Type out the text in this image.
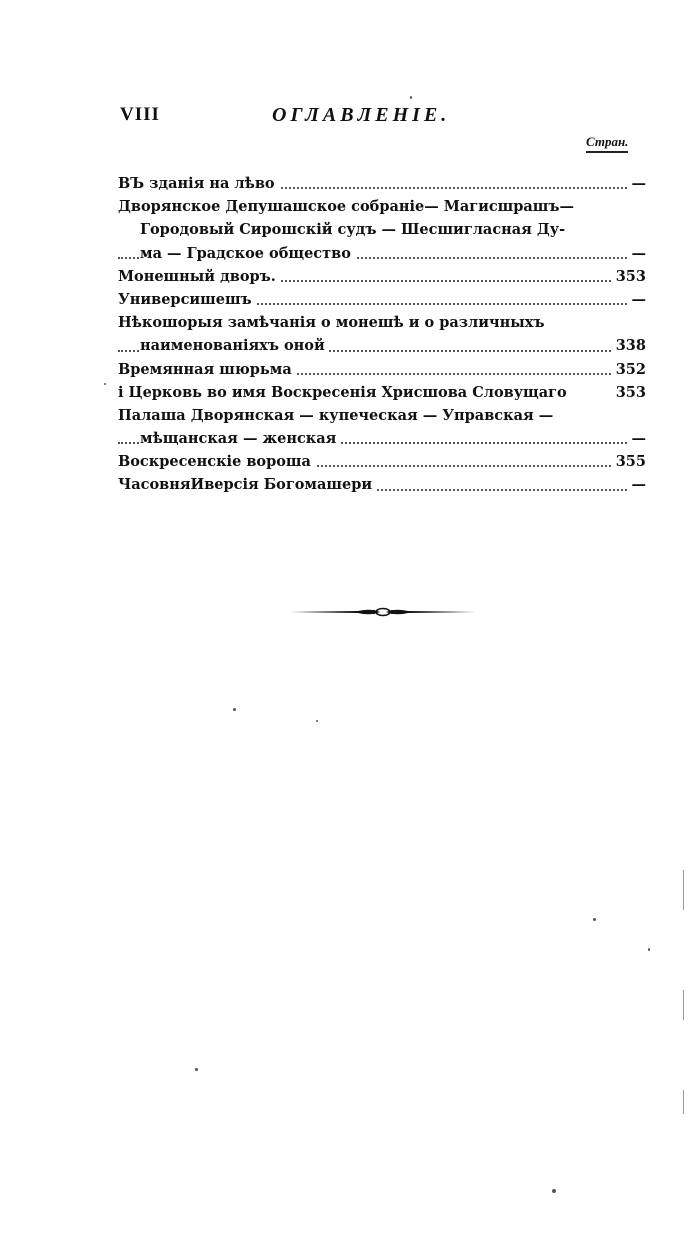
VIII	ОГЛАВЛЕНІЕ.
Стран.
ВЪ зданія на лѣво	—
Дворянское Депушашское собраніе— Магисшрашъ—
Городовый Сирошскій судъ — Шесшигласная Ду-
ма — Градское общество	—
Монешный дворъ.	353
Универсишешъ	—
Нѣкошорыя замѣчанія о монешѣ и о различныхъ
наименованіяхъ оной	338
Времянная шюрьма	352
і Церковь во имя Воскресенія Хрисшова Словущаго	353
Палаша Дворянская — купеческая — Управская —
мѣщанская — женская	—
Воскресенскіе ворошa	355
ЧасовняИверсія Богомашери	—
